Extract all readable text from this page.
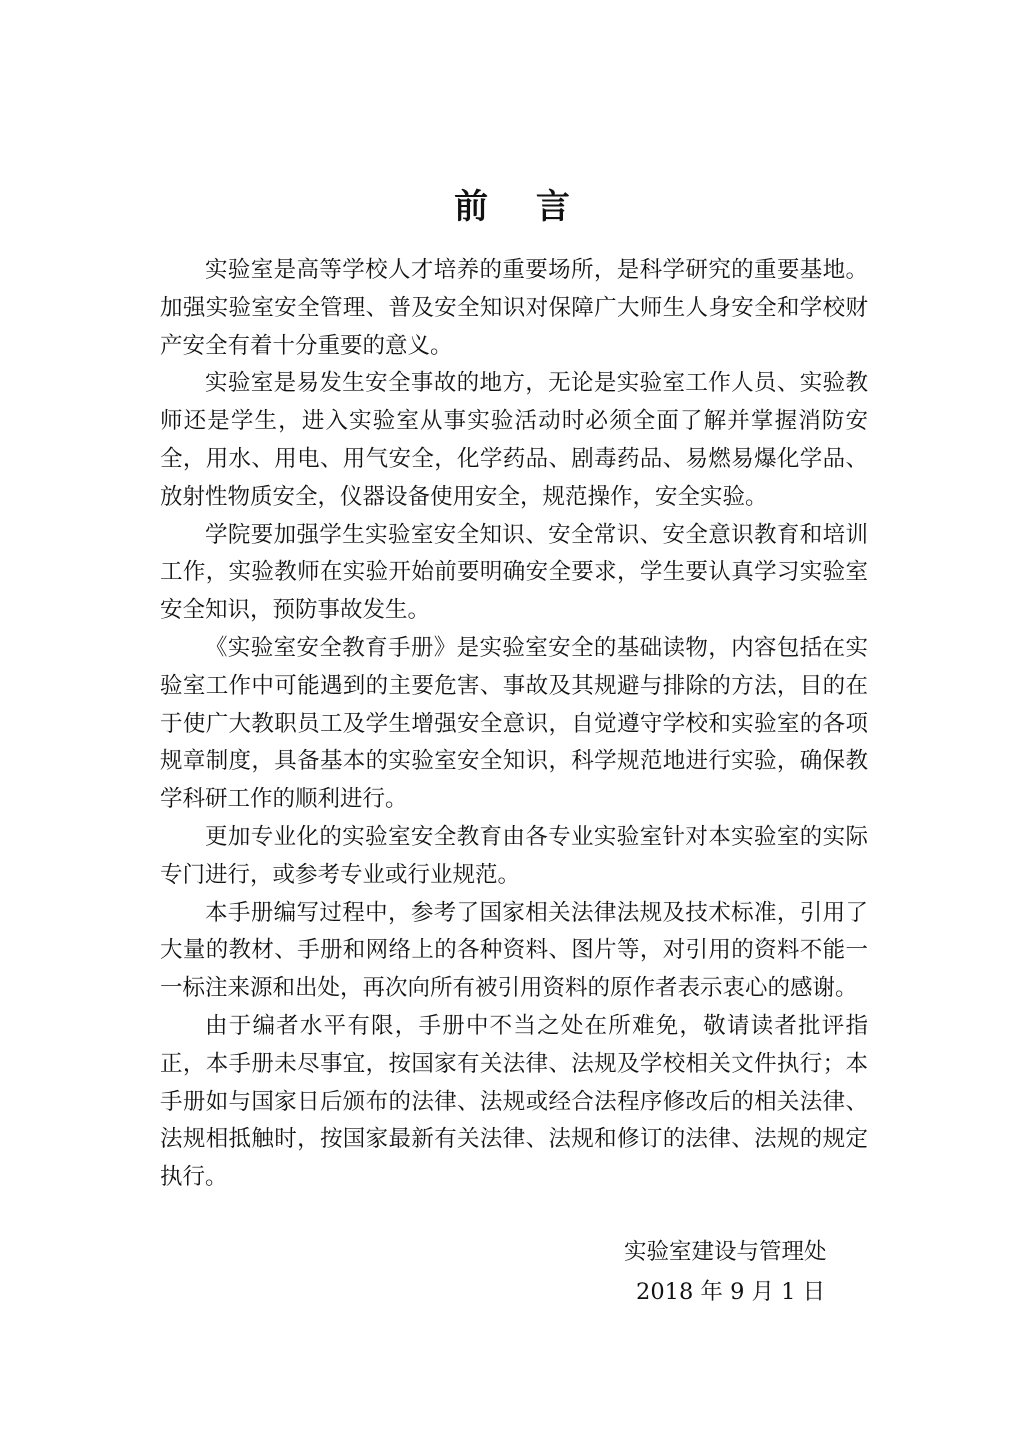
前 言

实验室是高等学校人才培养的重要场所，是科学研究的重要基地。加强实验室安全管理、普及安全知识对保障广大师生人身安全和学校财产安全有着十分重要的意义。

实验室是易发生安全事故的地方，无论是实验室工作人员、实验教师还是学生，进入实验室从事实验活动时必须全面了解并掌握消防安全，用水、用电、用气安全，化学药品、剧毒药品、易燃易爆化学品、放射性物质安全，仪器设备使用安全，规范操作，安全实验。

学院要加强学生实验室安全知识、安全常识、安全意识教育和培训工作，实验教师在实验开始前要明确安全要求，学生要认真学习实验室安全知识，预防事故发生。

《实验室安全教育手册》是实验室安全的基础读物，内容包括在实验室工作中可能遇到的主要危害、事故及其规避与排除的方法，目的在于使广大教职员工及学生增强安全意识，自觉遵守学校和实验室的各项规章制度，具备基本的实验室安全知识，科学规范地进行实验，确保教学科研工作的顺利进行。

更加专业化的实验室安全教育由各专业实验室针对本实验室的实际专门进行，或参考专业或行业规范。

本手册编写过程中，参考了国家相关法律法规及技术标准，引用了大量的教材、手册和网络上的各种资料、图片等，对引用的资料不能一一标注来源和出处，再次向所有被引用资料的原作者表示衷心的感谢。

由于编者水平有限，手册中不当之处在所难免，敬请读者批评指正，本手册未尽事宜，按国家有关法律、法规及学校相关文件执行；本手册如与国家日后颁布的法律、法规或经合法程序修改后的相关法律、法规相抵触时，按国家最新有关法律、法规和修订的法律、法规的规定执行。

实验室建设与管理处
2018 年 9 月 1 日
